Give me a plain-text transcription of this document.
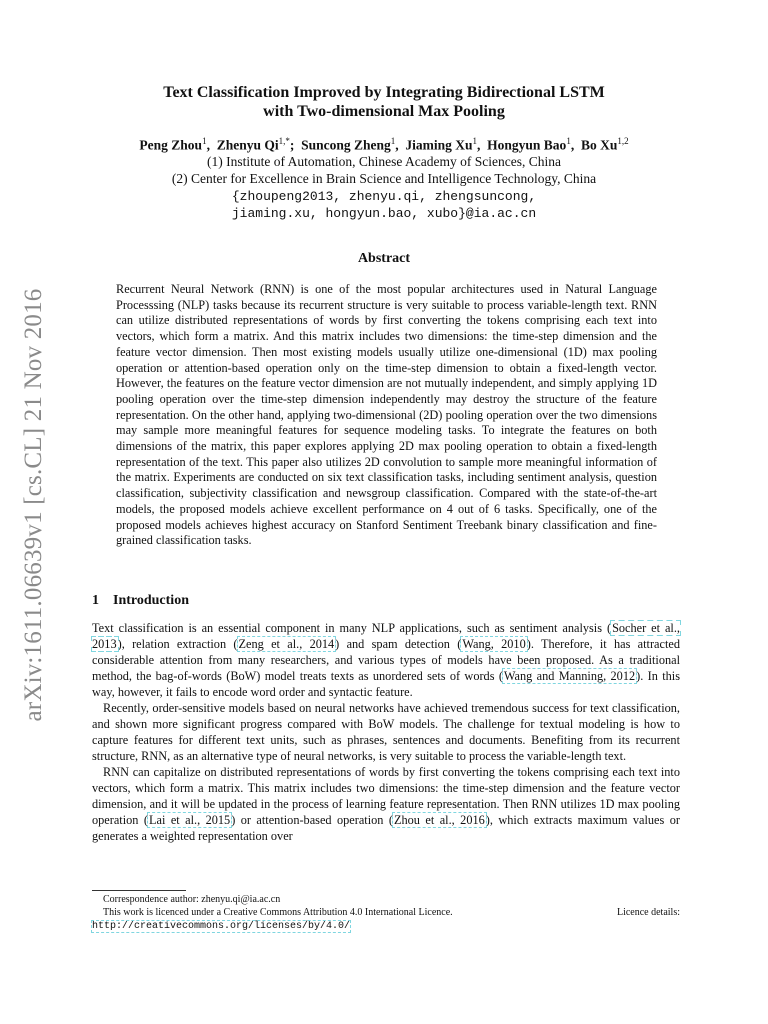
arXiv:1611.06639v1 [cs.CL] 21 Nov 2016
Text Classification Improved by Integrating Bidirectional LSTM
with Two-dimensional Max Pooling
Peng Zhou$^1$,  Zhenyu $Qi^{1,*}$;  Suncong Zheng$^1$,  Jiaming Xu$^1$,  Hongyun Bao$^1$,  Bo Xu$^{1,2}$
(1) Institute of Automation, Chinese Academy of Sciences, China
(2) Center for Excellence in Brain Science and Intelligence Technology, China
{zhoupeng2013, zhenyu.qi, zhengsuncong,
jiaming.xu, hongyun.bao, xubo}@ia.ac.cn
Abstract
Recurrent Neural Network (RNN) is one of the most popular architectures used in Natural Language Processsing (NLP) tasks because its recurrent structure is very suitable to process variable-length text. RNN can utilize distributed representations of words by first converting the tokens comprising each text into vectors, which form a matrix. And this matrix includes two dimensions: the time-step dimension and the feature vector dimension. Then most existing models usually utilize one-dimensional (1D) max pooling operation or attention-based operation only on the time-step dimension to obtain a fixed-length vector. However, the features on the feature vector dimension are not mutually independent, and simply applying 1D pooling operation over the time-step dimension independently may destroy the structure of the feature representation. On the other hand, applying two-dimensional (2D) pooling operation over the two dimensions may sample more meaningful features for sequence modeling tasks. To integrate the features on both dimensions of the matrix, this paper explores applying 2D max pooling operation to obtain a fixed-length representation of the text. This paper also utilizes 2D convolution to sample more meaningful information of the matrix. Experiments are conducted on six text classification tasks, including sentiment analysis, question classification, subjectivity classification and newsgroup classification. Compared with the state-of-the-art models, the proposed models achieve excellent performance on 4 out of 6 tasks. Specifically, one of the proposed models achieves highest accuracy on Stanford Sentiment Treebank binary classification and fine-grained classification tasks.
1 Introduction

Text classification is an essential component in many NLP applications, such as sentiment analysis (Socher et al., 2013), relation extraction (Zeng et al., 2014) and spam detection (Wang, 2010). Therefore, it has attracted considerable attention from many researchers, and various types of models have been proposed. As a traditional method, the bag-of-words (BoW) model treats texts as unordered sets of words (Wang and Manning, 2012). In this way, however, it fails to encode word order and syntactic feature.

Recently, order-sensitive models based on neural networks have achieved tremendous success for text classification, and shown more significant progress compared with BoW models. The challenge for textual modeling is how to capture features for different text units, such as phrases, sentences and documents. Benefiting from its recurrent structure, RNN, as an alternative type of neural networks, is very suitable to process the variable-length text.

RNN can capitalize on distributed representations of words by first converting the tokens comprising each text into vectors, which form a matrix. This matrix includes two dimensions: the time-step dimension and the feature vector dimension, and it will be updated in the process of learning feature representation. Then RNN utilizes 1D max pooling operation (Lai et al., 2015) or attention-based operation (Zhou et al., 2016), which extracts maximum values or generates a weighted representation over

Correspondence author: zhenyu.qi@ia.ac.cn
This work is licenced under a Creative Commons Attribution 4.0 International Licence.	Licence details:
http://creativecommons.org/licenses/by/4.0/
